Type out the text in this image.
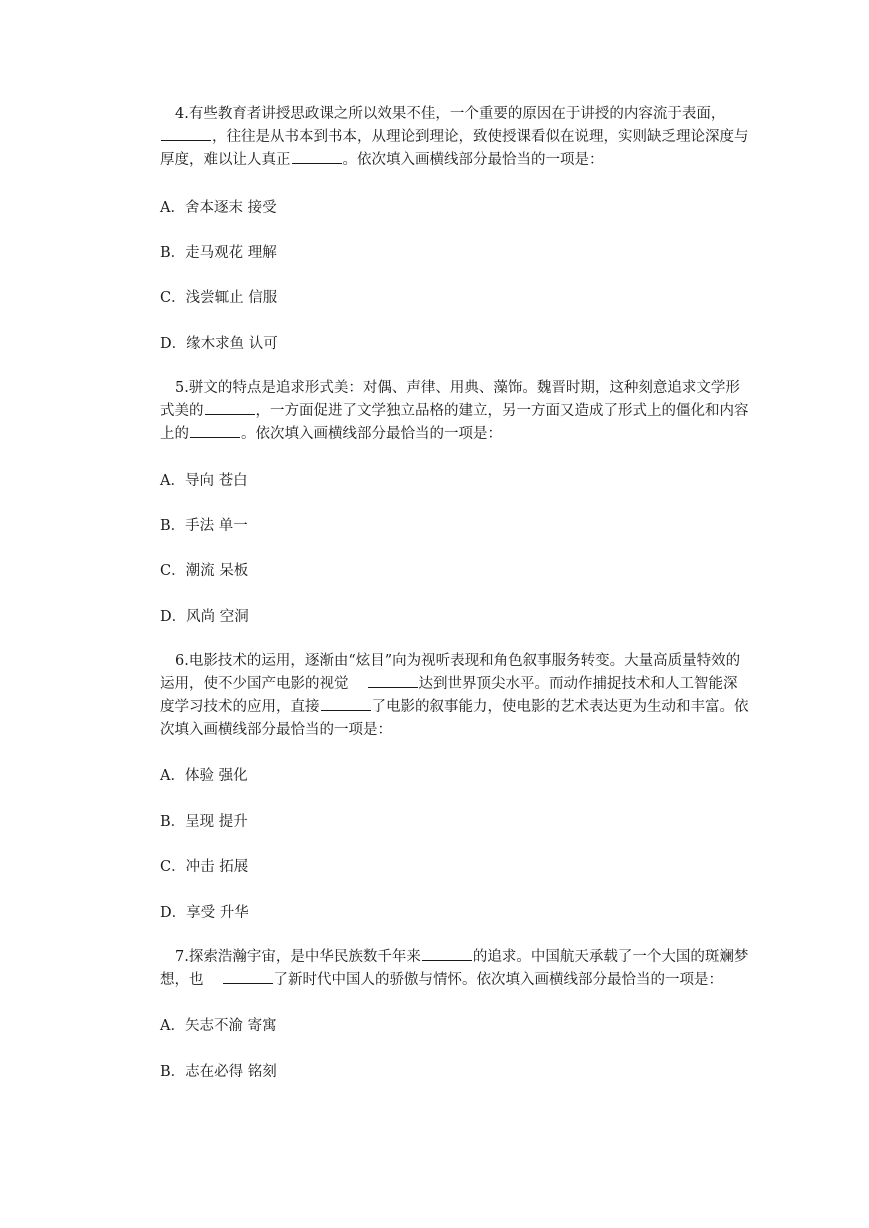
4.有些教育者讲授思政课之所以效果不佳，一个重要的原因在于讲授的内容流于表面，，往往是从书本到书本，从理论到理论，致使授课看似在说理，实则缺乏理论深度与厚度，难以让人真正	。依次填入画横线部分最恰当的一项是：

A．舍本逐末 接受

B．走马观花 理解

C．浅尝辄止 信服

D．缘木求鱼 认可

5.骈文的特点是追求形式美：对偶、声律、用典、藻饰。魏晋时期，这种刻意追求文学形式美的	，一方面促进了文学独立品格的建立，另一方面又造成了形式上的僵化和内容上的	。依次填入画横线部分最恰当的一项是：

A．导向 苍白

B．手法 单一

C．潮流 呆板

D．风尚 空洞

6.电影技术的运用，逐渐由“炫目”向为视听表现和角色叙事服务转变。大量高质量特效的运用，使不少国产电影的视觉	达到世界顶尖水平。而动作捕捉技术和人工智能深度学习技术的应用，直接	了电影的叙事能力，使电影的艺术表达更为生动和丰富。依次填入画横线部分最恰当的一项是：

A．体验 强化

B．呈现 提升

C．冲击 拓展

D．享受 升华

7.探索浩瀚宇宙，是中华民族数千年来	的追求。中国航天承载了一个大国的斑斓梦想，也	了新时代中国人的骄傲与情怀。依次填入画横线部分最恰当的一项是：

A．矢志不渝 寄寓

B．志在必得 铭刻
